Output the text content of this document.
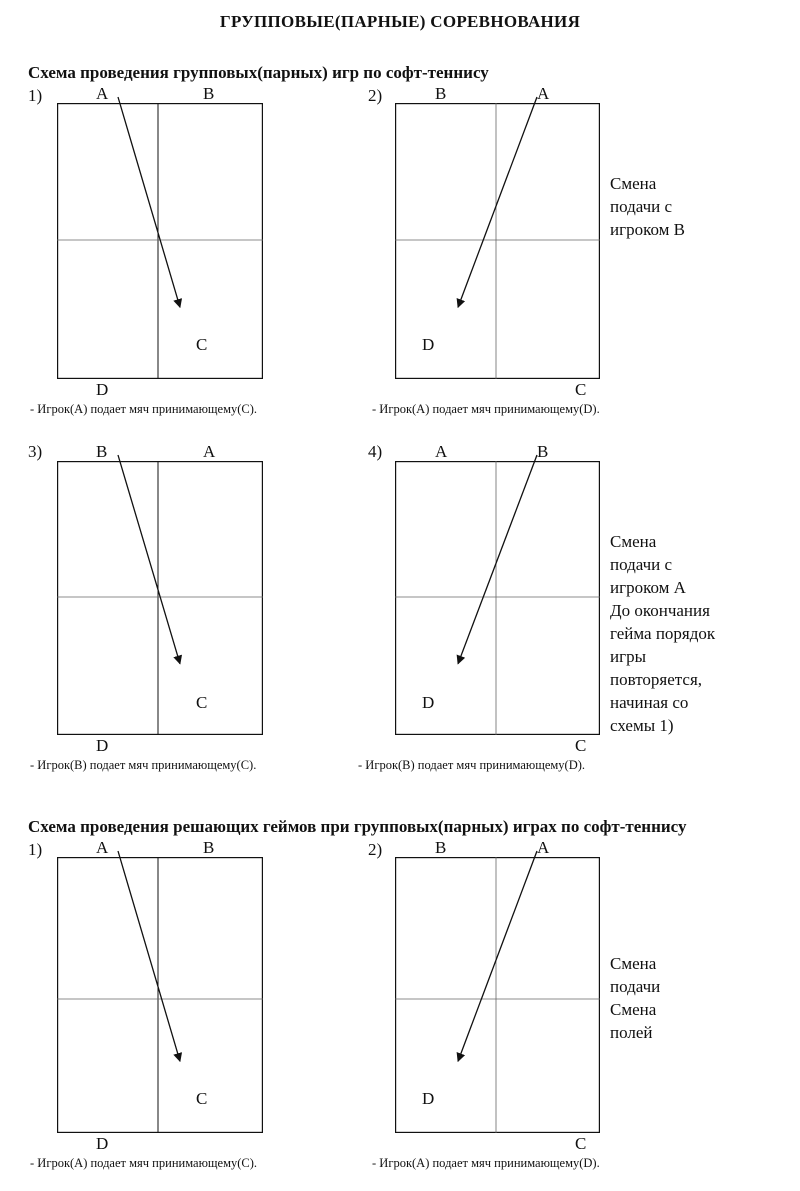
ГРУППОВЫЕ(ПАРНЫЕ) СОРЕВНОВАНИЯ
Схема проведения групповых(парных) игр по софт-теннису
Схема проведения решающих геймов при групповых(парных) играх по софт-теннису
1)	A	B
C
D
- Игрок(А) подает мяч принимающему(С).
2)	B	A
D
C
- Игрок(А) подает мяч принимающему(D).
Смена
подачи с
игроком В
3)	B	A
C
D
- Игрок(В) подает мяч принимающему(С).
4)	A	B
D
C
- Игрок(В) подает мяч принимающему(D).
Смена
подачи с
игроком А
До окончания
гейма порядок
игры
повторяется,
начиная со
схемы 1)
1)	A	B
C
D
- Игрок(А) подает мяч принимающему(С).
2)	B	A
D
C
- Игрок(А) подает мяч принимающему(D).
Смена
подачи
Смена
полей
